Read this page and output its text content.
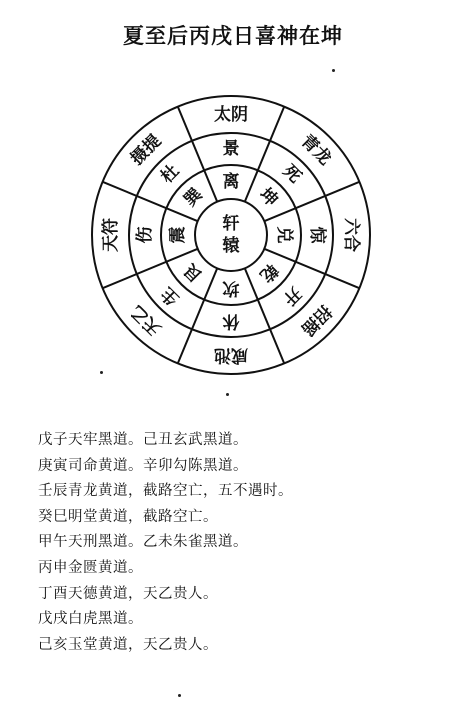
夏至后丙戌日喜神在坤
离
坤
兑
乾
坎
艮
震
巽
景
死
惊
开
休
生
伤
杜
太阴
青龙
六合
招摇
咸池
天乙
天符
摄提
轩
辕
戊子天牢黑道。己丑玄武黑道。
庚寅司命黄道。辛卯勾陈黑道。
壬辰青龙黄道，截路空亡，五不遇时。
癸巳明堂黄道，截路空亡。
甲午天刑黑道。乙未朱雀黑道。
丙申金匮黄道。
丁酉天德黄道，天乙贵人。
戊戌白虎黑道。
己亥玉堂黄道，天乙贵人。
